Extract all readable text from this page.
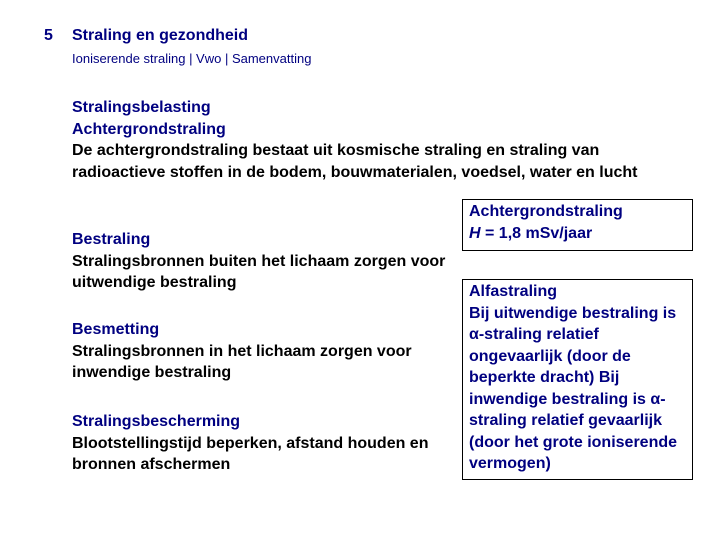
5 Straling en gezondheid
Ioniserende straling | Vwo | Samenvatting
Stralingsbelasting
Achtergrondstraling
De achtergrondstraling bestaat uit kosmische straling en straling van radioactieve stoffen in de bodem, bouwmaterialen, voedsel, water en lucht
Bestraling
Stralingsbronnen buiten het lichaam zorgen voor uitwendige bestraling
Besmetting
Stralingsbronnen in het lichaam zorgen voor inwendige bestraling
Stralingsbescherming
Blootstellingstijd beperken, afstand houden en bronnen afschermen
Achtergrondstraling
H = 1,8 mSv/jaar
Alfastraling
Bij uitwendige bestraling is α-straling relatief ongevaarlijk (door de beperkte dracht) Bij inwendige bestraling is α-straling relatief gevaarlijk (door het grote ioniserende vermogen)
